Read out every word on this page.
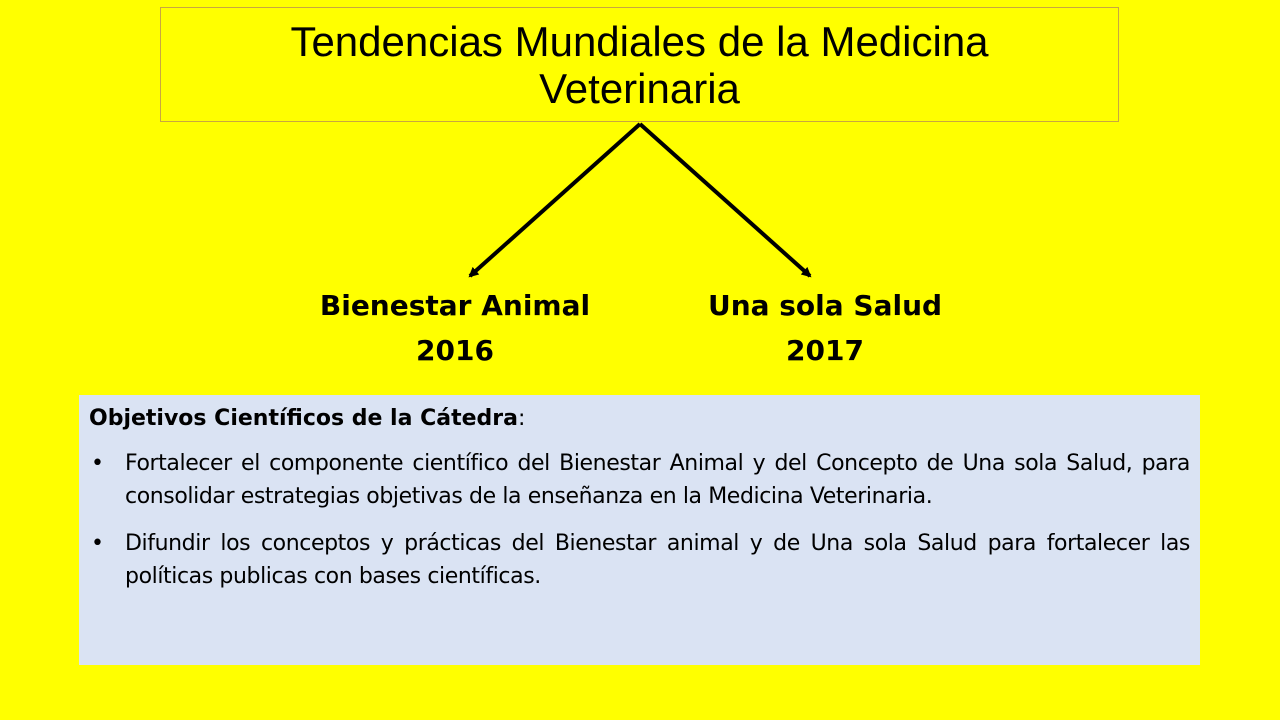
Tendencias Mundiales de la Medicina Veterinaria
Bienestar Animal
2016
Una sola Salud
2017
Objetivos Científicos de la Cátedra:
• Fortalecer el componente científico del Bienestar Animal y del Concepto de Una sola Salud, para consolidar estrategias objetivas de la enseñanza en la Medicina Veterinaria.
• Difundir los conceptos y prácticas del Bienestar animal y de Una sola Salud para fortalecer las políticas publicas con bases científicas.
